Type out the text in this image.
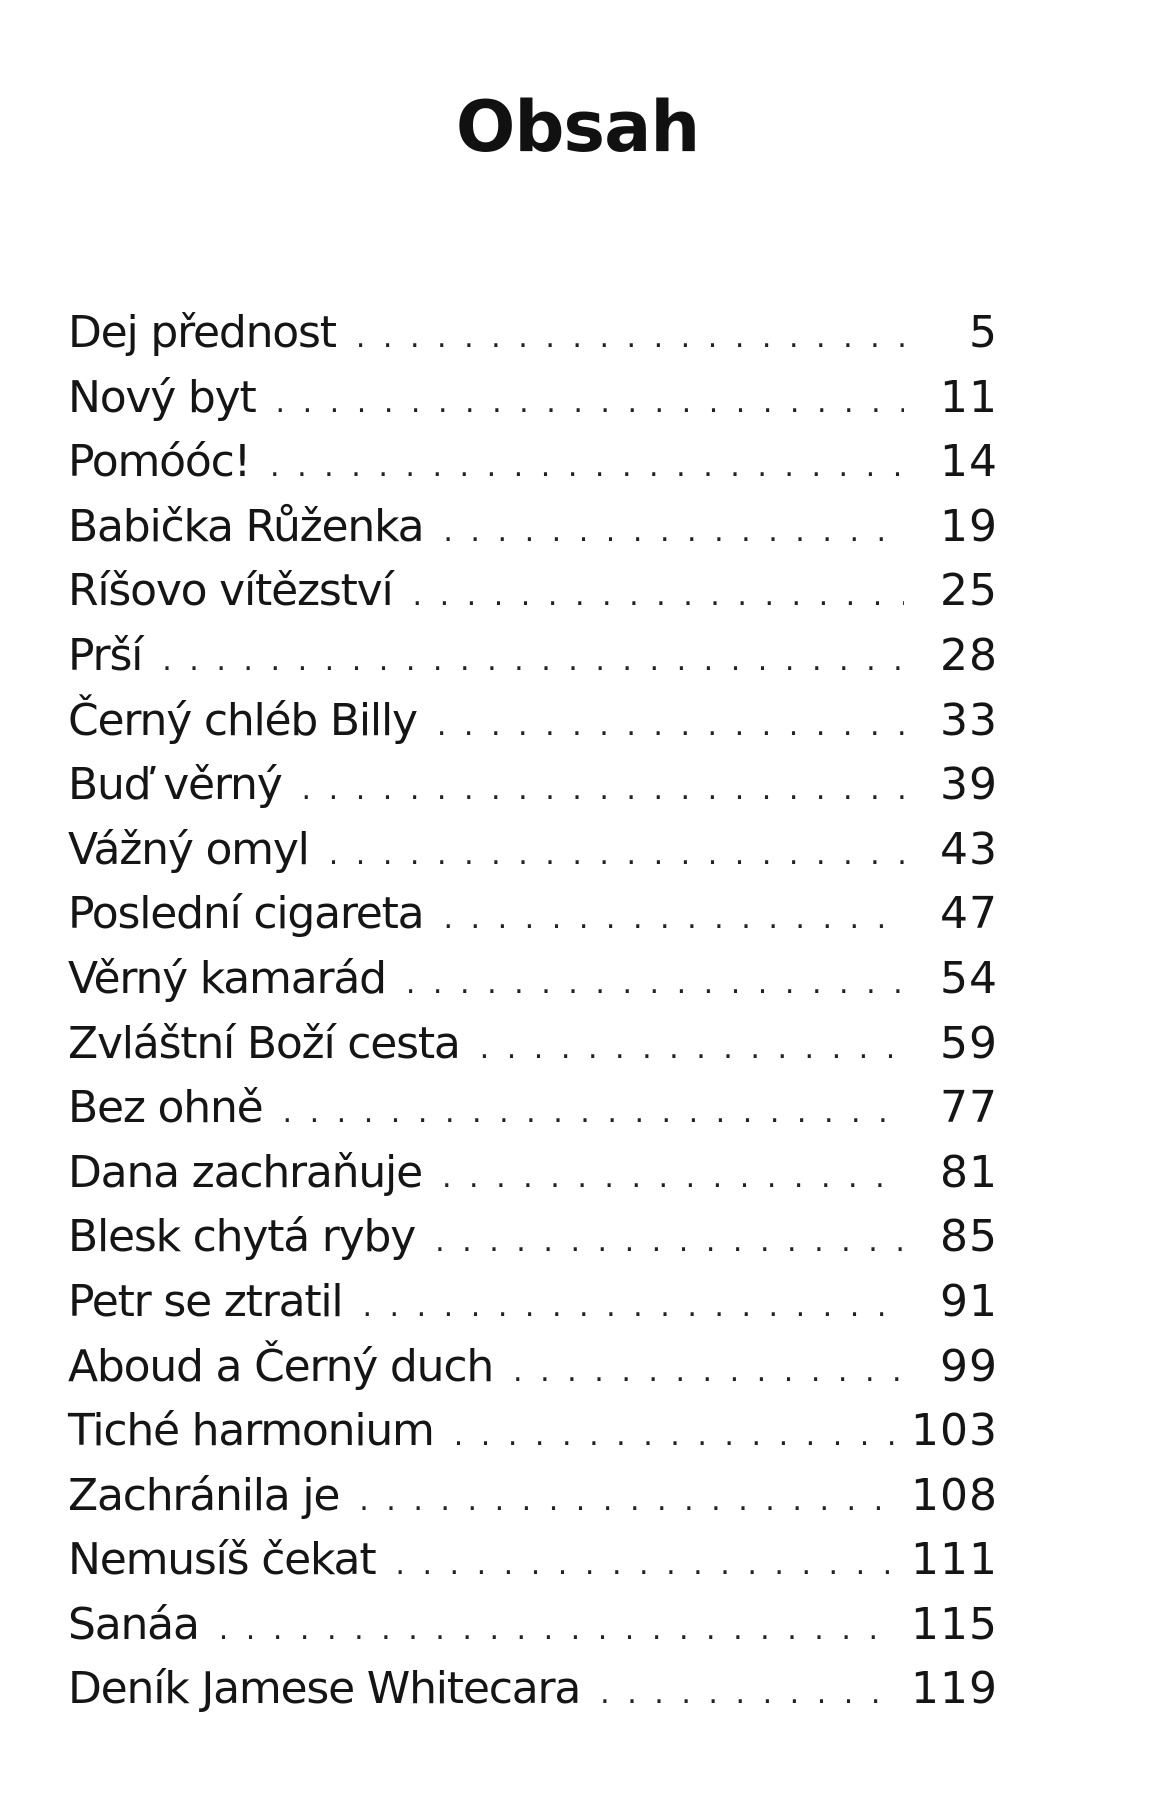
Obsah
Dej přednost . . .	5
Nový byt . . .	11
Pomóóc! . . .	14
Babička Růženka . . .	19
Ríšovo vítězství . . .	25
Prší . . .	28
Černý chléb Billy . . .	33
Buď věrný . . .	39
Vážný omyl . . .	43
Poslední cigareta . . .	47
Věrný kamarád . . .	54
Zvláštní Boží cesta . . .	59
Bez ohně . . .	77
Dana zachraňuje . . .	81
Blesk chytá ryby . . .	85
Petr se ztratil . . .	91
Aboud a Černý duch . . .	99
Tiché harmonium . . .	103
Zachránila je . . .	108
Nemusíš čekat . . .	111
Sanáa . . .	115
Deník Jamese Whitecara . . .	119
